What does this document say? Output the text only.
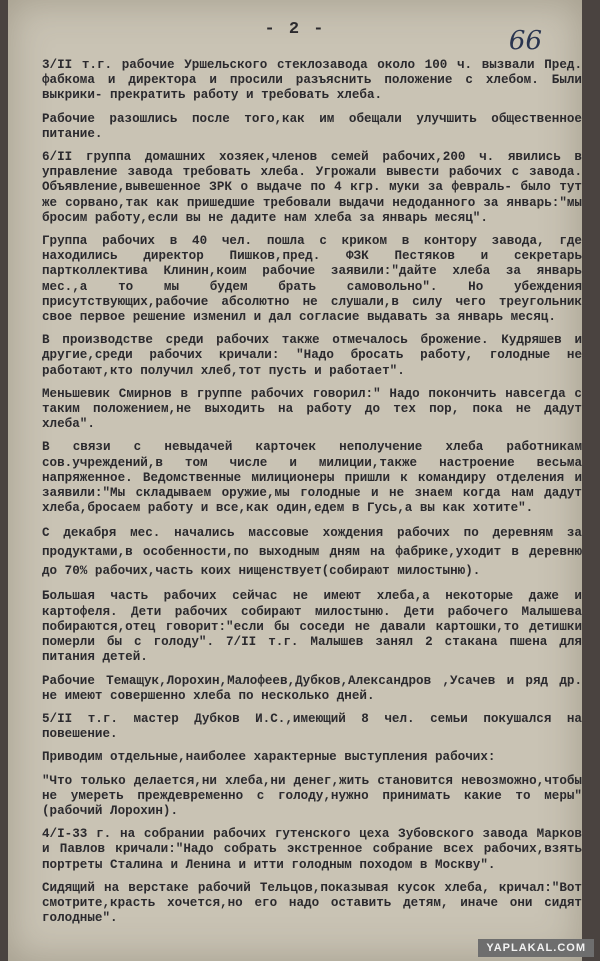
- 2 -	66

3/II т.г. рабочие Уршельского стеклозавода около 100 ч. вызвали Пред. фабкома и директора и просили разъяснить положение с хлебом. Были выкрики- прекратить работу и требовать хлеба.

Рабочие разошлись после того,как им обещали улучшить общественное питание.

6/II группа домашних хозяек,членов семей рабочих,200 ч. явились в управление завода требовать хлеба. Угрожали вывести рабочих с завода. Объявление,вывешенное ЗРК о выдаче по 4 кгр. муки за февраль- было тут же сорвано,так как пришедшие требовали выдачи недоданного за январь:"мы бросим работу,если вы не дадите нам хлеба за январь месяц".

Группа рабочих в 40 чел. пошла с криком в контору завода, где находились директор Пишков,пред. ФЗК Пестяков и секретарь партколлектива Клинин,коим рабочие заявили:"дайте хлеба за январь мес.,а то мы будем брать самовольно". Но убеждения присутствующих,рабочие абсолютно не слушали,в силу чего треугольник свое первое решение изменил и дал согласие выдавать за январь месяц.

В производстве среди рабочих также отмечалось брожение. Кудряшев и другие,среди рабочих кричали: "Надо бросать работу, голодные не работают,кто получил хлеб,тот пусть и работает".

Меньшевик Смирнов в группе рабочих говорил:" Надо покончить навсегда с таким положением,не выходить на работу до тех пор, пока не дадут хлеба".

В связи с невыдачей карточек неполучение хлеба работникам сов.учреждений,в том числе и милиции,также настроение весьма напряженное. Ведомственные милиционеры пришли к командиру отделения и заявили:"Мы складываем оружие,мы голодные и не знаем когда нам дадут хлеба,бросаем работу и все,как один,едем в Гусь,а вы как хотите".

С декабря мес. начались массовые хождения рабочих по деревням за продуктами,в особенности,по выходным дням на фабрике,уходит в деревню до 70% рабочих,часть коих нищенствует(собирают милостыню).

Большая часть рабочих сейчас не имеют хлеба,а некоторые даже и картофеля. Дети рабочих собирают милостыню. Дети рабочего Малышева побираются,отец говорит:"если бы соседи не давали картошки,то детишки померли бы с голоду". 7/II т.г. Малышев занял 2 стакана пшена для питания детей.

Рабочие Темащук,Лорохин,Малофеев,Дубков,Александров ,Усачев и ряд др. не имеют совершенно хлеба по несколько дней.

5/II т.г. мастер Дубков И.С.,имеющий 8 чел. семьи покушался на повешение.

Приводим отдельные,наиболее характерные выступления рабочих:

"Что только делается,ни хлеба,ни денег,жить становится невозможно,чтобы не умереть преждевременно с голоду,нужно принимать какие то меры"(рабочий Лорохин).

4/I-33 г. на собрании рабочих гутенского цеха Зубовского завода Марков и Павлов кричали:"Надо собрать экстренное собрание всех рабочих,взять портреты Сталина и Ленина и итти голодным походом в Москву".

Сидящий на верстаке рабочий Тельцов,показывая кусок хлеба, кричал:"Вот смотрите,красть хочется,но его надо оставить детям, иначе они сидят голодные".

YAPLAKAL.COM
